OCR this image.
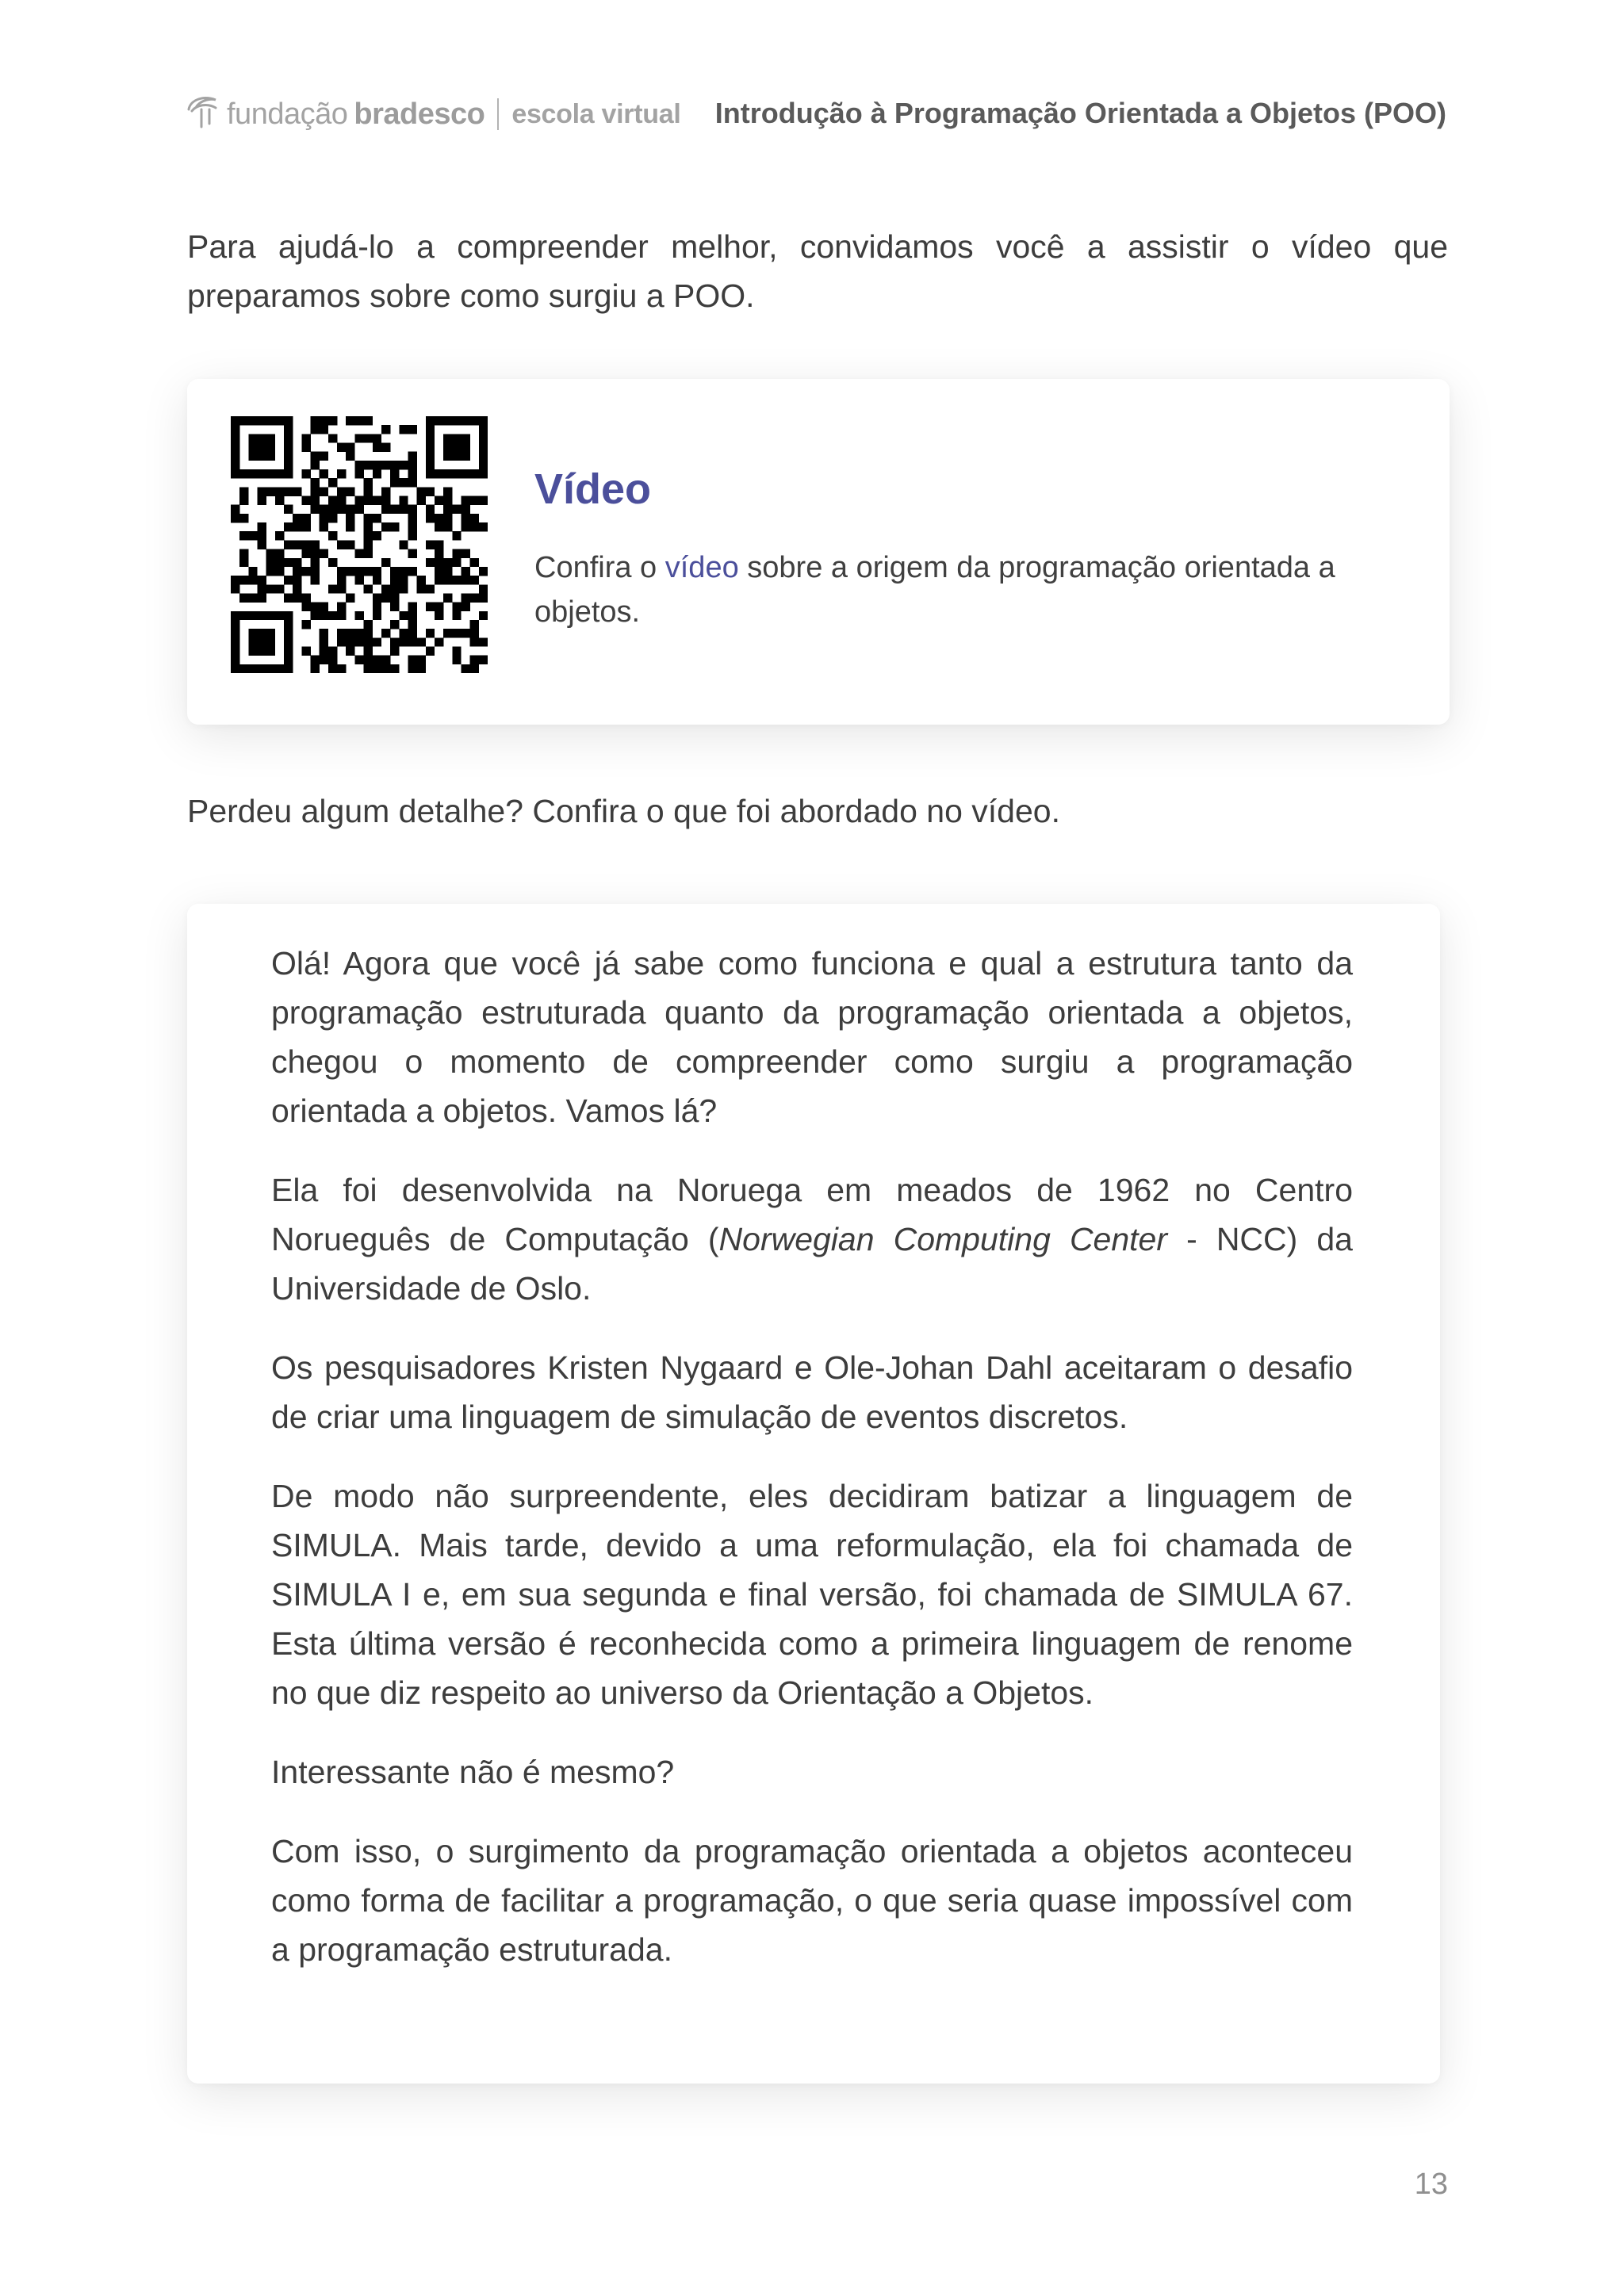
fundação bradesco escola virtual Introdução à Programação Orientada a Objetos (POO)
Para ajudá-lo a compreender melhor, convidamos você a assistir o vídeo que preparamos sobre como surgiu a POO.
Vídeo
Confira o vídeo sobre a origem da programação orientada a objetos.
Perdeu algum detalhe? Confira o que foi abordado no vídeo.

Olá! Agora que você já sabe como funciona e qual a estrutura tanto da programação estruturada quanto da programação orientada a objetos, chegou o momento de compreender como surgiu a programação orientada a objetos. Vamos lá?

Ela foi desenvolvida na Noruega em meados de 1962 no Centro Norueguês de Computação (Norwegian Computing Center - NCC) da Universidade de Oslo.

Os pesquisadores Kristen Nygaard e Ole-Johan Dahl aceitaram o desafio de criar uma linguagem de simulação de eventos discretos.

De modo não surpreendente, eles decidiram batizar a linguagem de SIMULA. Mais tarde, devido a uma reformulação, ela foi chamada de SIMULA I e, em sua segunda e final versão, foi chamada de SIMULA 67. Esta última versão é reconhecida como a primeira linguagem de renome no que diz respeito ao universo da Orientação a Objetos.

Interessante não é mesmo?

Com isso, o surgimento da programação orientada a objetos aconteceu como forma de facilitar a programação, o que seria quase impossível com a programação estruturada.

13
